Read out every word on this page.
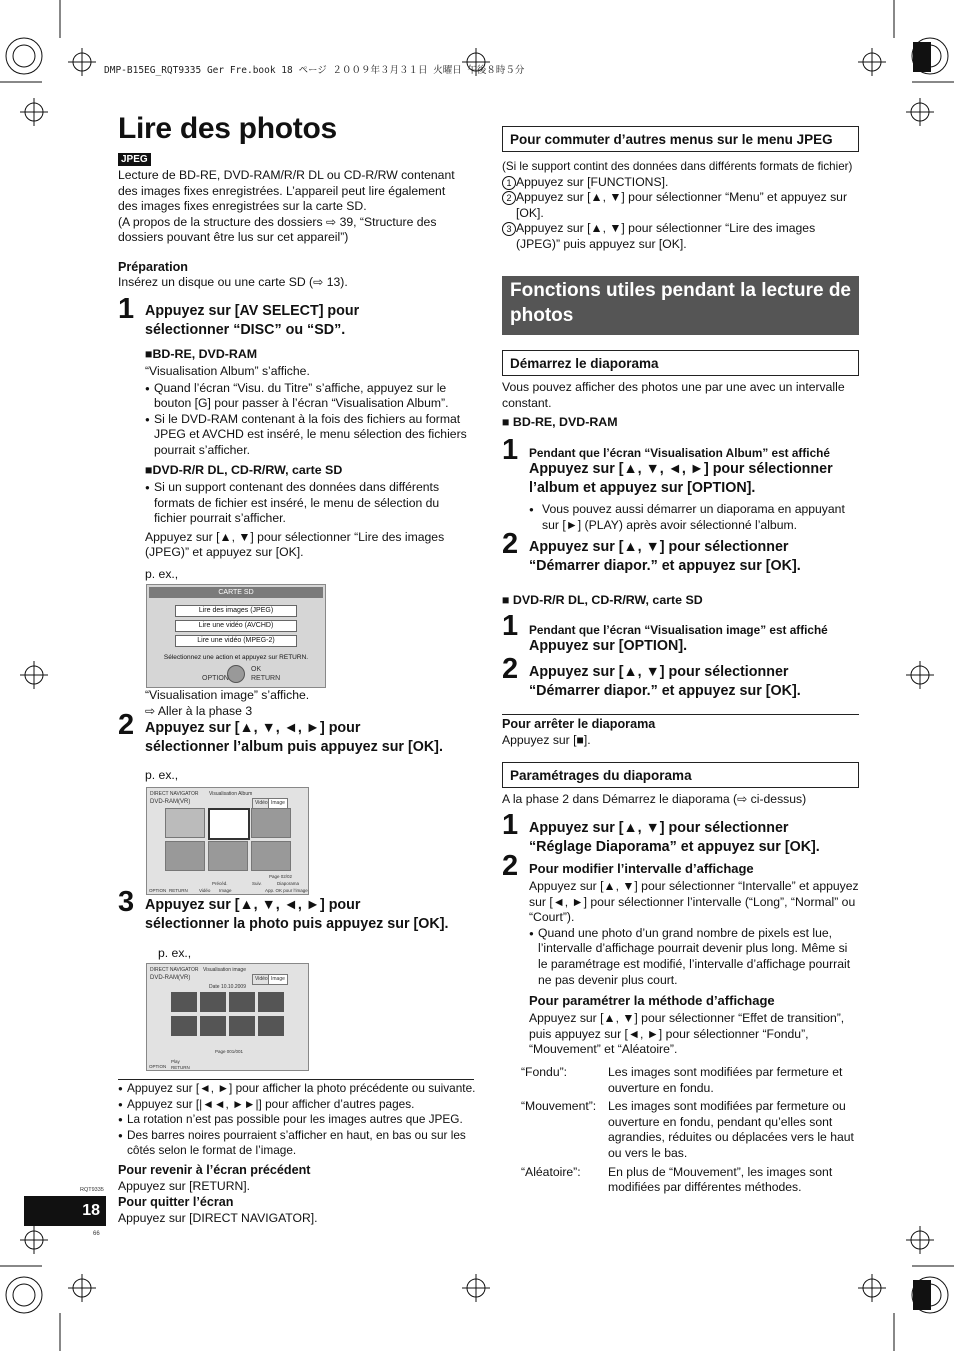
DMP-B15EG_RQT9335 Ger Fre.book 18 ページ ２００９年３月３１日 火曜日 午後８時５分
Lire des photos
JPEG

Lecture de BD-RE, DVD-RAM/R/R DL ou CD-R/RW contenant

des images fixes enregistrées. L’appareil peut lire également

des images fixes enregistrées sur la carte SD.

(A propos de la structure des dossiers ⇨ 39, “Structure des

dossiers pouvant être lus sur cet appareil”)

Préparation
Insérez un disque ou une carte SD (⇨ 13).
1 Appuyez sur [AV SELECT] pour
sélectionner “DISC” ou “SD”.
■BD-RE, DVD-RAM

“Visualisation Album” s’affiche.

● Quand l’écran “Visu. du Titre” s’affiche, appuyez sur le bouton [G] pour passer à l’écran “Visualisation Album”.

● Si le DVD-RAM contenant à la fois des fichiers au format JPEG et AVCHD est inséré, le menu sélection des fichiers pourrait s’afficher.

■DVD-R/R DL, CD-R/RW, carte SD

● Si un support contenant des données dans différents formats de fichier est inséré, le menu de sélection du fichier pourrait s’afficher.

Appuyez sur [▲, ▼] pour sélectionner “Lire des images (JPEG)” et appuyez sur [OK].

p. ex.,
CARTE SD
Lire des images (JPEG)
Lire une vidéo (AVCHD)
Lire une vidéo (MPEG-2)
Sélectionnez une action et appuyez sur RETURN.
OK
OPTION	RETURN
“Visualisation image” s’affiche.
⇨ Aller à la phase 3
2 Appuyez sur [▲, ▼, ◄, ►] pour
sélectionner l’album puis appuyez sur [OK].
p. ex.,
DIRECT NAVIGATOR Visualisation Album
DVD-RAM(VR)	Vidéo Image
Page 02/02
Précéd.	Suiv.	Diaporama
OPTION RETURN	Vidéo Image	App. OK pour l’image
3 Appuyez sur [▲, ▼, ◄, ►] pour
sélectionner la photo puis appuyez sur [OK].
p. ex.,
DIRECT NAVIGATOR Visualisation image
DVD-RAM(VR)	Vidéo Image
Date 10.10.2009
Page 001/001
OPTION
Play
RETURN

● Appuyez sur [◄, ►] pour afficher la photo précédente ou suivante.

● Appuyez sur [|◄◄, ►►|] pour afficher d’autres pages.

● La rotation n’est pas possible pour les images autres que JPEG.

● Des barres noires pourraient s’afficher en haut, en bas ou sur les côtés selon le format de l’image.

Pour revenir à l’écran précédent
Appuyez sur [RETURN].
Pour quitter l’écran
Appuyez sur [DIRECT NAVIGATOR].
RQT9335
18
66
Pour commuter d’autres menus sur le menu JPEG

(Si le support contint des données dans différents formats de fichier)

1 Appuyez sur [FUNCTIONS].

2 Appuyez sur [▲, ▼] pour sélectionner “Menu” et appuyez sur [OK].

3 Appuyez sur [▲, ▼] pour sélectionner “Lire des images (JPEG)” puis appuyez sur [OK].

Fonctions utiles pendant la lecture de photos
Démarrez le diaporama
Vous pouvez afficher des photos une par une avec un intervalle constant.
■ BD-RE, DVD-RAM
1 Pendant que l’écran “Visualisation Album” est affiché
Appuyez sur [▲, ▼, ◄, ►] pour sélectionner
l’album et appuyez sur [OPTION].

● Vous pouvez aussi démarrer un diaporama en appuyant sur [►] (PLAY) après avoir sélectionné l’album.

2 Appuyez sur [▲, ▼] pour sélectionner
“Démarrer diapor.” et appuyez sur [OK].
■ DVD-R/R DL, CD-R/RW, carte SD
1 Pendant que l’écran “Visualisation image” est affiché
Appuyez sur [OPTION].
2 Appuyez sur [▲, ▼] pour sélectionner
“Démarrer diapor.” et appuyez sur [OK].
Pour arrêter le diaporama
Appuyez sur [■].
Paramétrages du diaporama
A la phase 2 dans Démarrez le diaporama (⇨ ci-dessus)
1 Appuyez sur [▲, ▼] pour sélectionner
“Réglage Diaporama” et appuyez sur [OK].
2 Pour modifier l’intervalle d’affichage

Appuyez sur [▲, ▼] pour sélectionner “Intervalle” et appuyez sur [◄, ►] pour sélectionner l’intervalle (“Long”, “Normal” ou “Court”).

● Quand une photo d’un grand nombre de pixels est lue, l’intervalle d’affichage pourrait devenir plus long. Même si le paramétrage est modifié, l’intervalle d’affichage pourrait ne pas devenir plus court.

Pour paramétrer la méthode d’affichage

Appuyez sur [▲, ▼] pour sélectionner “Effet de transition”, puis appuyez sur [◄, ►] pour sélectionner “Fondu”, “Mouvement” et “Aléatoire”.

“Fondu”:	Les images sont modifiées par fermeture et ouverture en fondu.

“Mouvement”: Les images sont modifiées par fermeture ou ouverture en fondu, pendant qu’elles sont agrandies, réduites ou déplacées vers le haut ou vers le bas.

“Aléatoire”:	En plus de “Mouvement”, les images sont modifiées par différentes méthodes.
